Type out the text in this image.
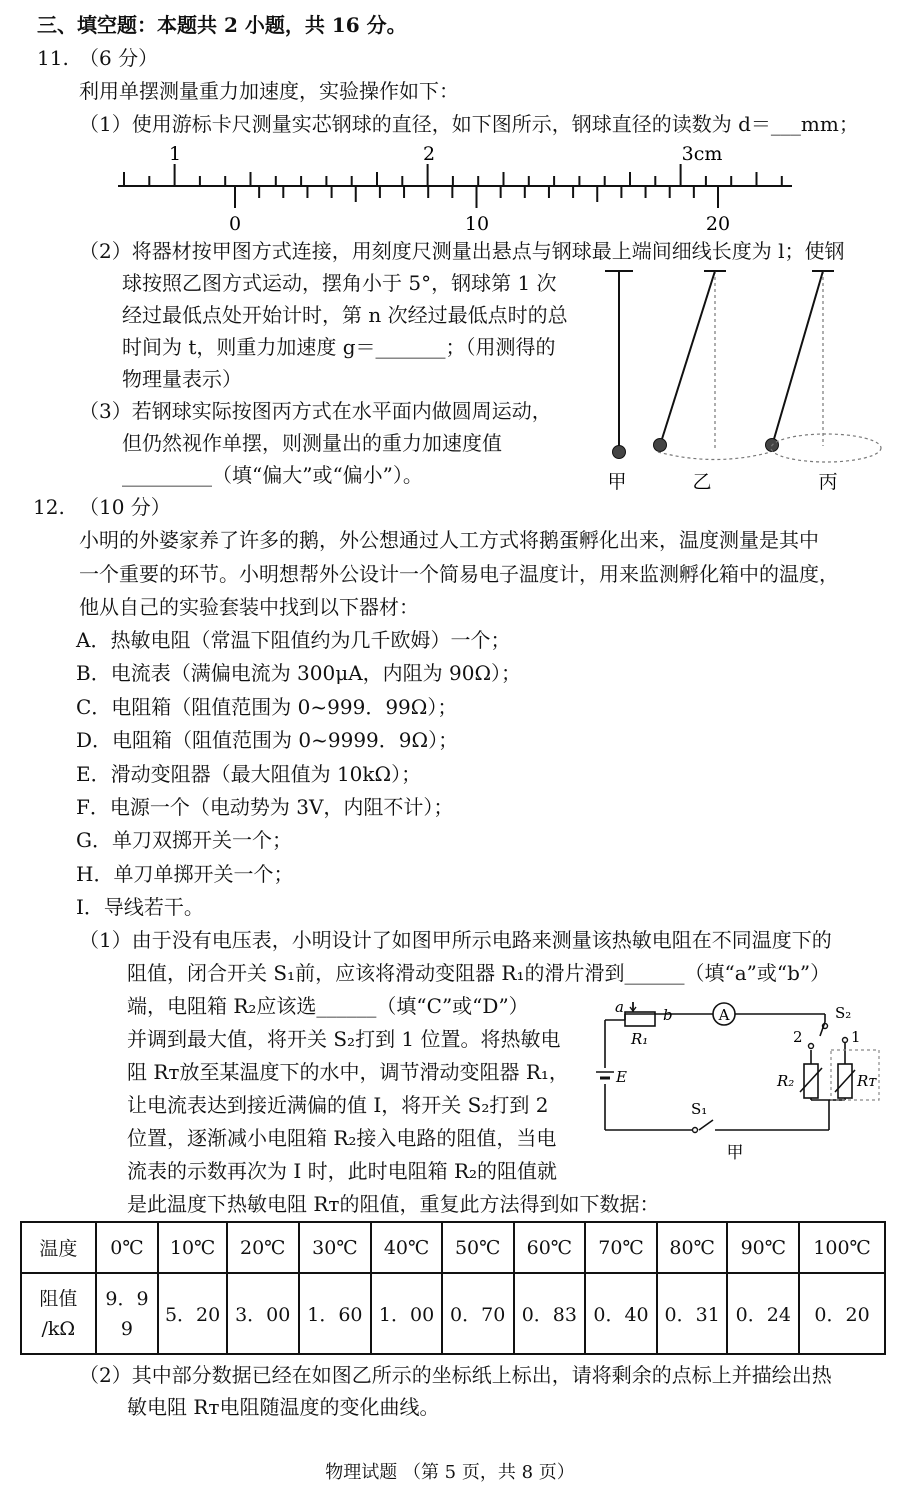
三、填空题：本题共 2 小题，共 16 分。
11. （6 分）
利用单摆测量重力加速度，实验操作如下：
（1）使用游标卡尺测量实芯钢球的直径，如下图所示，钢球直径的读数为 d＝___mm；
1	2	3cm
0	10	20
（2）将器材按甲图方式连接，用刻度尺测量出悬点与钢球最上端间细线长度为 l；使钢
球按照乙图方式运动，摆角小于 5°，钢球第 1 次
经过最低点处开始计时，第 n 次经过最低点时的总
时间为 t，则重力加速度 g＝_______；（用测得的
物理量表示）
（3）若钢球实际按图丙方式在水平面内做圆周运动，
但仍然视作单摆，则测量出的重力加速度值
_________（填“偏大”或“偏小”）。	甲	乙	丙
12. （10 分）
小明的外婆家养了许多的鹅，外公想通过人工方式将鹅蛋孵化出来，温度测量是其中
一个重要的环节。小明想帮外公设计一个简易电子温度计，用来监测孵化箱中的温度，
他从自己的实验套装中找到以下器材：
A．热敏电阻（常温下阻值约为几千欧姆）一个；
B．电流表（满偏电流为 300μA，内阻为 90Ω）；
C．电阻箱（阻值范围为 0~999．99Ω）；
D．电阻箱（阻值范围为 0~9999．9Ω）；
E．滑动变阻器（最大阻值为 10kΩ）；
F．电源一个（电动势为 3V，内阻不计）；
G．单刀双掷开关一个；
H．单刀单掷开关一个；
I．导线若干。
（1）由于没有电压表，小明设计了如图甲所示电路来测量该热敏电阻在不同温度下的
阻值，闭合开关 S₁前，应该将滑动变阻器 R₁的滑片滑到______（填“a”或“b”）
端，电阻箱 R₂应该选______（填“C”或“D”）
并调到最大值，将开关 S₂打到 1 位置。将热敏电
阻 Rᴛ放至某温度下的水中，调节滑动变阻器 R₁，
让电流表达到接近满偏的值 I，将开关 S₂打到 2
位置，逐渐减小电阻箱 R₂接入电路的阻值，当电
流表的示数再次为 I 时，此时电阻箱 R₂的阻值就
是此温度下热敏电阻 Rᴛ的阻值，重复此方法得到如下数据：
A
a	b
R₁
S₂
2	1
R₂	Rᴛ
E
S₁
甲
温度	0℃	10℃	20℃	30℃	40℃	50℃	60℃	70℃	80℃	90℃	100℃
阻值
/kΩ	9．9
9	5．20	3．00	1．60	1．00	0．70	0．83	0．40	0．31	0．24	0．20
（2）其中部分数据已经在如图乙所示的坐标纸上标出，请将剩余的点标上并描绘出热
敏电阻 Rᴛ电阻随温度的变化曲线。
物理试题 （第 5 页，共 8 页）
